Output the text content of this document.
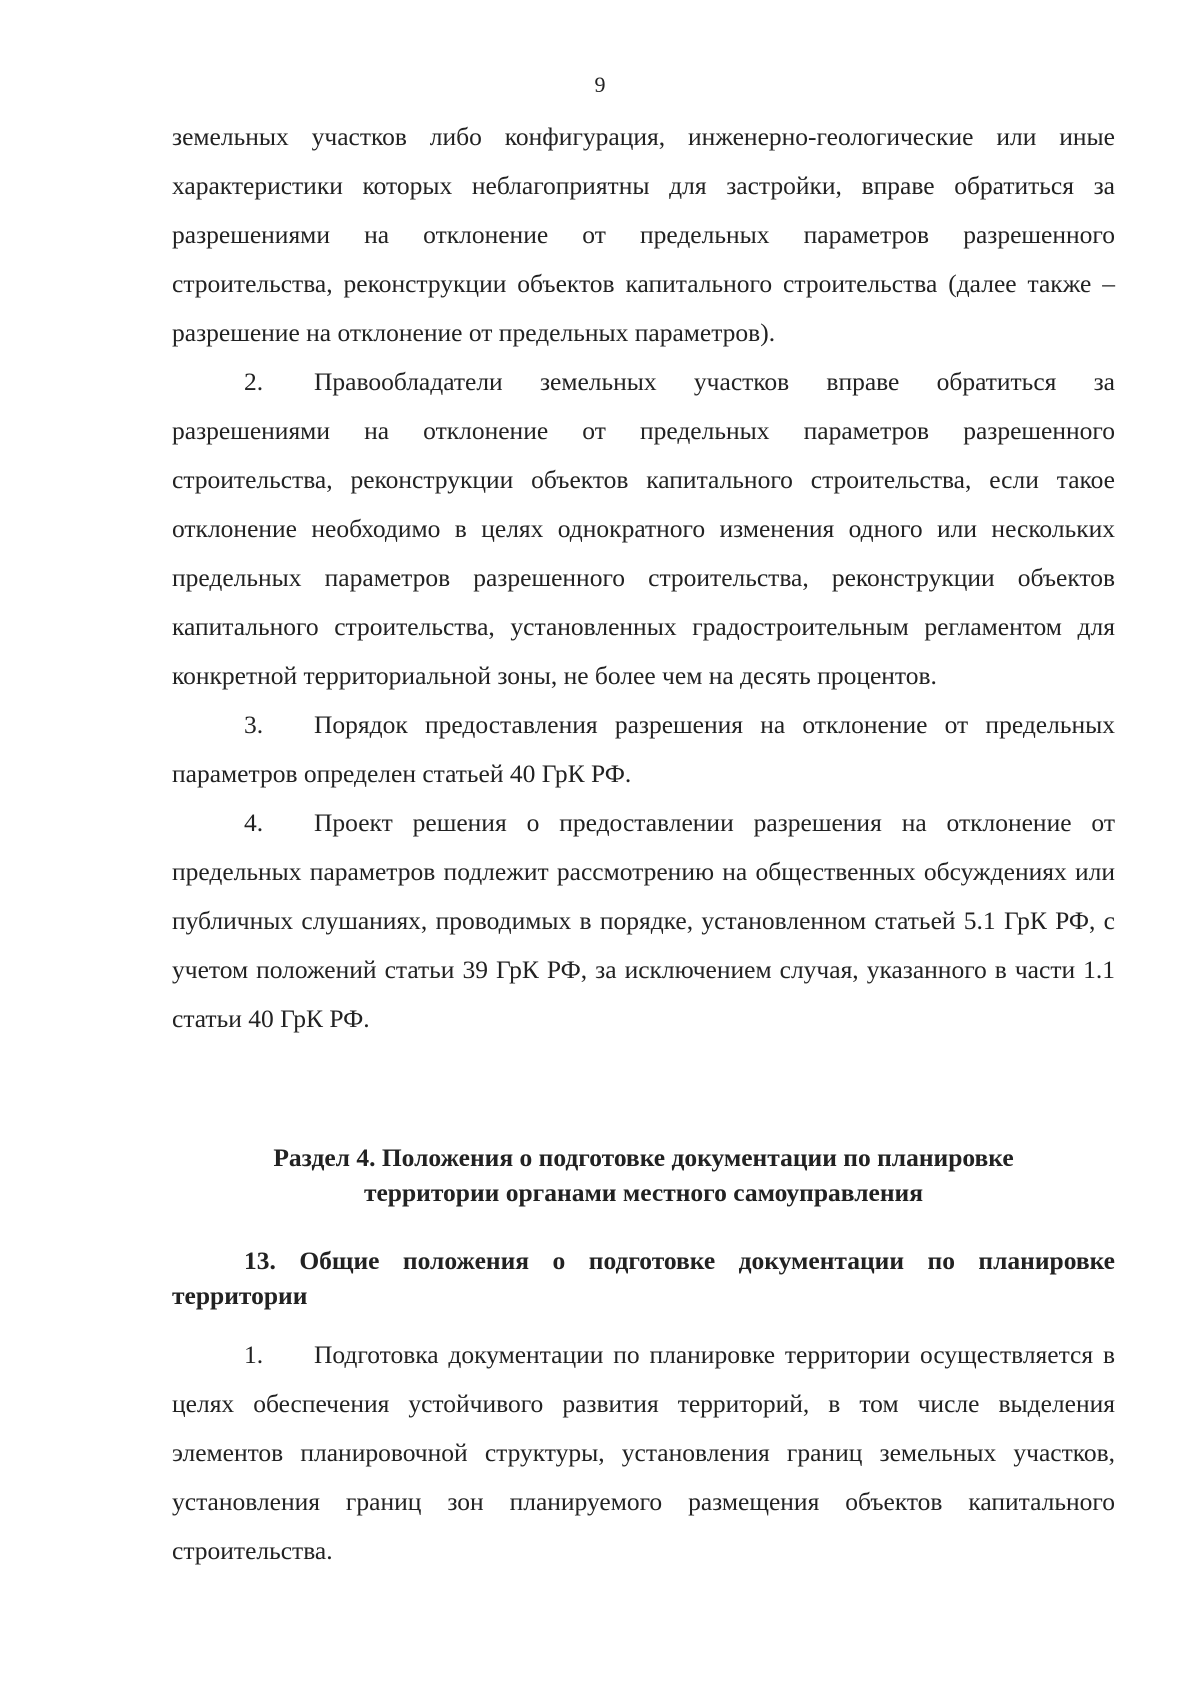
9

земельных участков либо конфигурация, инженерно-геологические или иные характеристики которых неблагоприятны для застройки, вправе обратиться за разрешениями на отклонение от предельных параметров разрешенного строительства, реконструкции объектов капитального строительства (далее также – разрешение на отклонение от предельных параметров).

2. Правообладатели земельных участков вправе обратиться за разрешениями на отклонение от предельных параметров разрешенного строительства, реконструкции объектов капитального строительства, если такое отклонение необходимо в целях однократного изменения одного или нескольких предельных параметров разрешенного строительства, реконструкции объектов капитального строительства, установленных градостроительным регламентом для конкретной территориальной зоны, не более чем на десять процентов.

3. Порядок предоставления разрешения на отклонение от предельных параметров определен статьей 40 ГрК РФ.

4. Проект решения о предоставлении разрешения на отклонение от предельных параметров подлежит рассмотрению на общественных обсуждениях или публичных слушаниях, проводимых в порядке, установленном статьей 5.1 ГрК РФ, с учетом положений статьи 39 ГрК РФ, за исключением случая, указанного в части 1.1 статьи 40 ГрК РФ.

Раздел 4. Положения о подготовке документации по планировке
территории органами местного самоуправления

13. Общие положения о подготовке документации по планировке территории

1. Подготовка документации по планировке территории осуществляется в целях обеспечения устойчивого развития территорий, в том числе выделения элементов планировочной структуры, установления границ земельных участков, установления границ зон планируемого размещения объектов капитального строительства.
